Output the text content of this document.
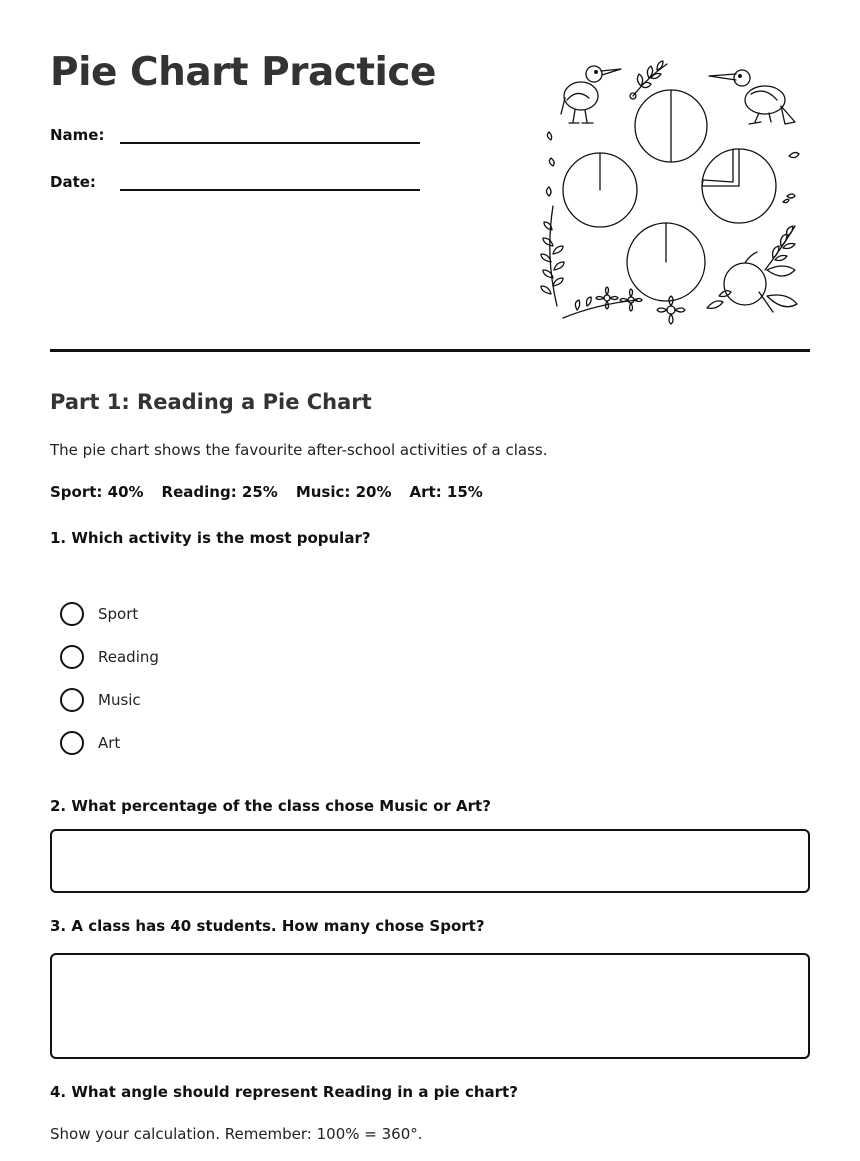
Pie Chart Practice
Name:
Date:
Part 1: Reading a Pie Chart

The pie chart shows the favourite after-school activities of a class.

Sport: 40% Reading: 25% Music: 20% Art: 15%

1. Which activity is the most popular?

Sport
Reading
Music
Art

2. What percentage of the class chose Music or Art?

3. A class has 40 students. How many chose Sport?

4. What angle should represent Reading in a pie chart?

Show your calculation. Remember: 100% = 360°.
